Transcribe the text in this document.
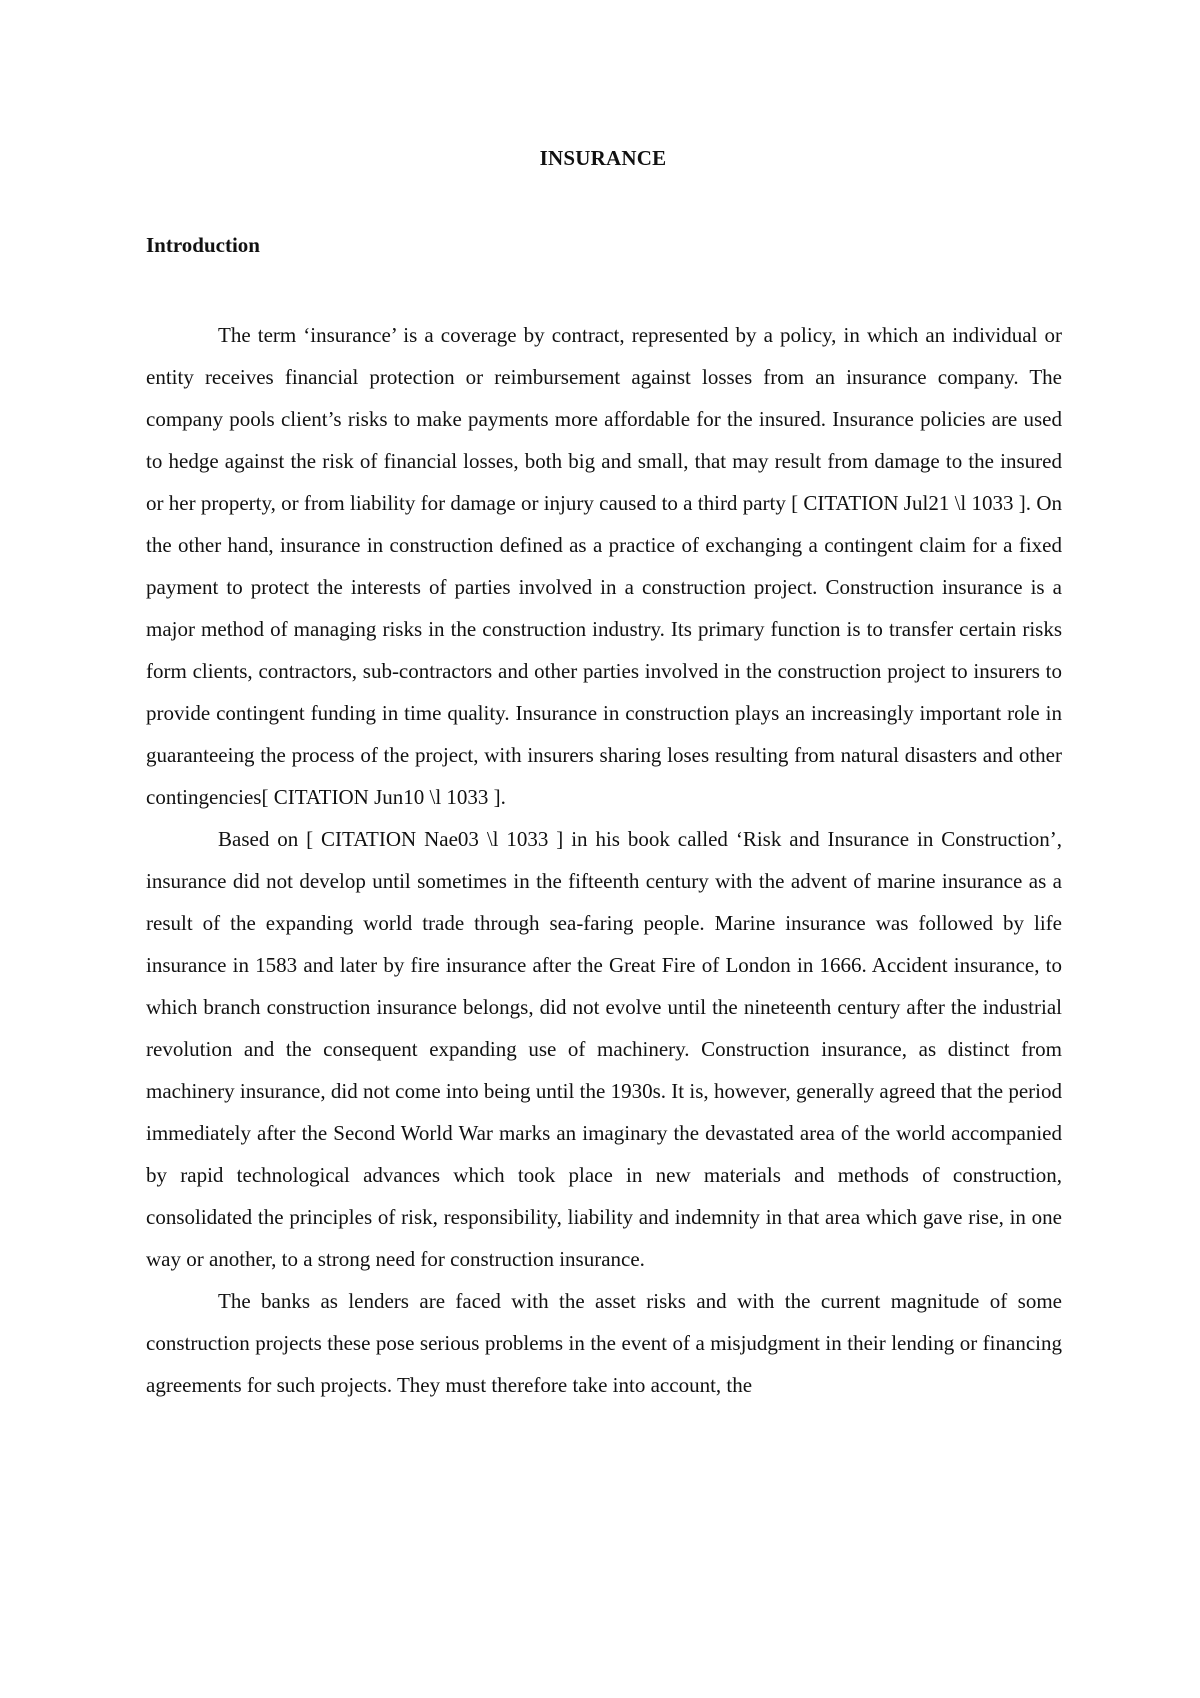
INSURANCE
Introduction

The term ‘insurance’ is a coverage by contract, represented by a policy, in which an individual or entity receives financial protection or reimbursement against losses from an insurance company. The company pools client’s risks to make payments more affordable for the insured. Insurance policies are used to hedge against the risk of financial losses, both big and small, that may result from damage to the insured or her property, or from liability for damage or injury caused to a third party [ CITATION Jul21 \l 1033 ]. On the other hand, insurance in construction defined as a practice of exchanging a contingent claim for a fixed payment to protect the interests of parties involved in a construction project. Construction insurance is a major method of managing risks in the construction industry. Its primary function is to transfer certain risks form clients, contractors, sub-contractors and other parties involved in the construction project to insurers to provide contingent funding in time quality. Insurance in construction plays an increasingly important role in guaranteeing the process of the project, with insurers sharing loses resulting from natural disasters and other contingencies[ CITATION Jun10 \l 1033 ].

Based on [ CITATION Nae03 \l 1033 ] in his book called ‘Risk and Insurance in Construction’, insurance did not develop until sometimes in the fifteenth century with the advent of marine insurance as a result of the expanding world trade through sea-faring people. Marine insurance was followed by life insurance in 1583 and later by fire insurance after the Great Fire of London in 1666. Accident insurance, to which branch construction insurance belongs, did not evolve until the nineteenth century after the industrial revolution and the consequent expanding use of machinery. Construction insurance, as distinct from machinery insurance, did not come into being until the 1930s. It is, however, generally agreed that the period immediately after the Second World War marks an imaginary the devastated area of the world accompanied by rapid technological advances which took place in new materials and methods of construction, consolidated the principles of risk, responsibility, liability and indemnity in that area which gave rise, in one way or another, to a strong need for construction insurance.

The banks as lenders are faced with the asset risks and with the current magnitude of some construction projects these pose serious problems in the event of a misjudgment in their lending or financing agreements for such projects. They must therefore take into account, the
